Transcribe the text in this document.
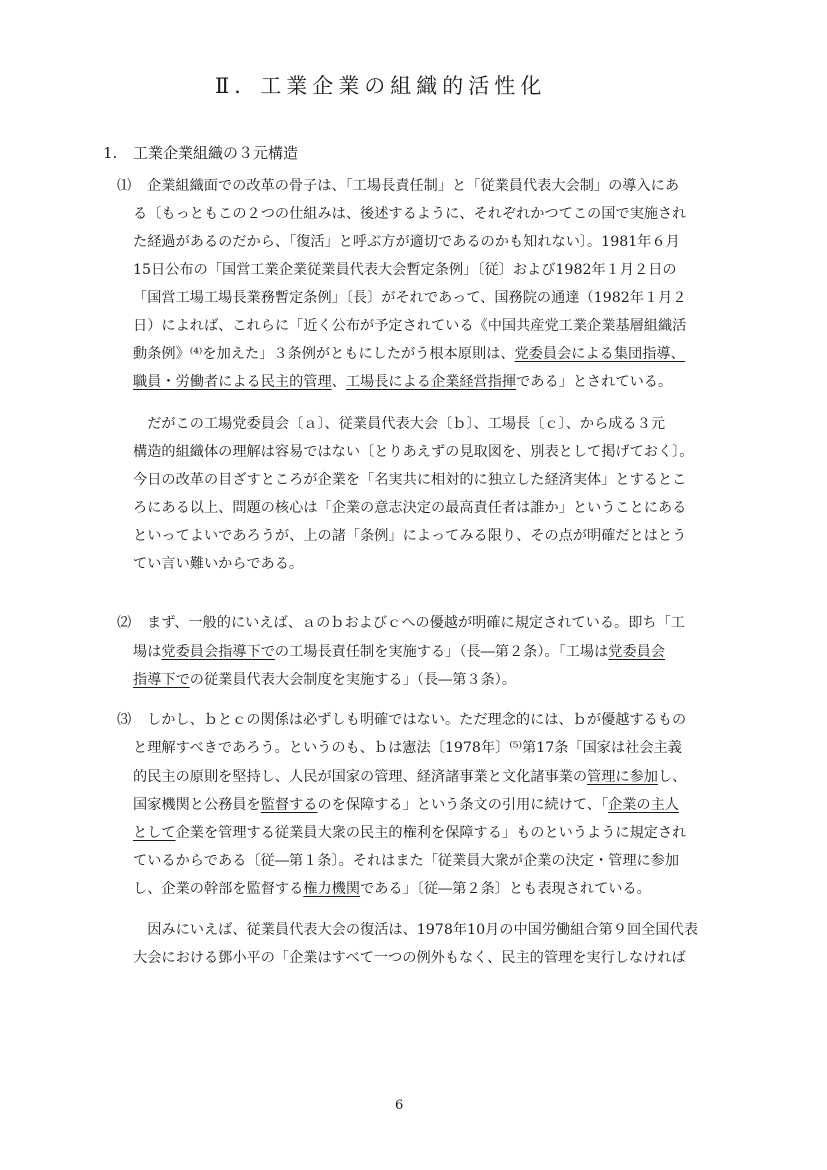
Ⅱ．工業企業の組織的活性化
1. 工業企業組織の３元構造
⑴ 企業組織面での改革の骨子は、「工場長責任制」と「従業員代表大会制」の導入にあ
る〔もっともこの２つの仕組みは、後述するように、それぞれかつてこの国で実施され
た経過があるのだから、「復活」と呼ぶ方が適切であるのかも知れない〕。1981年６月
15日公布の「国営工業企業従業員代表大会暫定条例」〔従〕および1982年１月２日の
「国営工場工場長業務暫定条例」〔長〕がそれであって、国務院の通達（1982年１月２
日）によれば、これらに「近く公布が予定されている《中国共産党工業企業基層組織活
動条例》⁽⁴⁾を加えた」３条例がともにしたがう根本原則は、党委員会による集団指導、
職員・労働者による民主的管理、工場長による企業経営指揮である」とされている。
　だがこの工場党委員会〔ａ〕、従業員代表大会〔ｂ〕、工場長〔ｃ〕、から成る３元
構造的組織体の理解は容易ではない〔とりあえずの見取図を、別表として掲げておく〕。
今日の改革の目ざすところが企業を「名実共に相対的に独立した経済実体」とするとこ
ろにある以上、問題の核心は「企業の意志決定の最高責任者は誰か」ということにある
といってよいであろうが、上の諸「条例」によってみる限り、その点が明確だとはとう
てい言い難いからである。
⑵ まず、一般的にいえば、ａのｂおよびｃへの優越が明確に規定されている。即ち「工
場は党委員会指導下での工場長責任制を実施する」（長―第２条）。「工場は党委員会
指導下での従業員代表大会制度を実施する」（長―第３条）。
⑶ しかし、ｂとｃの関係は必ずしも明確ではない。ただ理念的には、ｂが優越するもの
と理解すべきであろう。というのも、ｂは憲法〔1978年〕⁽⁵⁾第17条「国家は社会主義
的民主の原則を堅持し、人民が国家の管理、経済諸事業と文化諸事業の管理に参加し、
国家機関と公務員を監督するのを保障する」という条文の引用に続けて、「企業の主人
として企業を管理する従業員大衆の民主的権利を保障する」ものというように規定され
ているからである〔従―第１条〕。それはまた「従業員大衆が企業の決定・管理に参加
し、企業の幹部を監督する権力機関である」〔従―第２条〕とも表現されている。
　因みにいえば、従業員代表大会の復活は、1978年10月の中国労働組合第９回全国代表
大会における鄧小平の「企業はすべて一つの例外もなく、民主的管理を実行しなければ
6
